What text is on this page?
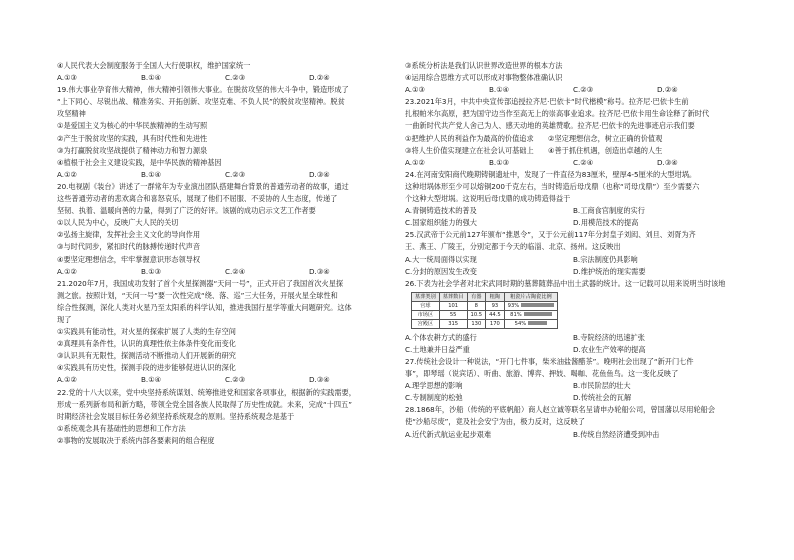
④人民代表大会制度服务于全国人大行使职权，维护国家统一
A.①③	B.①④	C.②③	D.②④
19.伟大事业孕育伟大精神，伟大精神引领伟大事业。在脱贫攻坚的伟大斗争中，锻造形成了
“上下同心、尽锐出战、精准务实、开拓创新、攻坚克难、不负人民”的脱贫攻坚精神。脱贫
攻坚精神
①是爱国主义为核心的中华民族精神的生动写照
②产生于脱贫攻坚的实践，具有时代性和先进性
③为打赢脱贫攻坚战提供了精神动力和智力源泉
④植根于社会主义建设实践，是中华民族的精神基因
A.①②	B.①④	C.②③	D.③④
20.电视剧《装台》讲述了一群常年为专业演出团队搭建舞台背景的普通劳动者的故事，通过
这些普通劳动者的悲欢离合和喜怒哀乐，展现了他们不屈服、不妥协的人生态度，传递了
坚韧、执着、温暖向善的力量，得到了广泛的好评。该剧的成功启示文艺工作者要
①以人民为中心，反映广大人民的关切
②弘扬主旋律，发挥社会主义文化的导向作用
③与时代同步，紧扣时代的脉搏传递时代声音
④要坚定理想信念，牢牢掌握意识形态领导权
A.①②	B.①③	C.②④	D.③④
21.2020年7月，我国成功发射了首个火星探测器“天问一号”，正式开启了我国首次火星探
测之旅。按照计划，“天问一号”要一次性完成“绕、落、巡”三大任务，开展火星全球性和
综合性探测，深化人类对火星乃至太阳系的科学认知，推进我国行星学等重大问题研究。这体
现了
①实践具有能动性，对火星的探索扩展了人类的生存空间
②真理具有条件性，认识的真理性依主体条件变化而变化
③认识具有无限性，探测活动不断推动人们开展新的研究
④实践具有历史性，探测手段的进步能够促进认识的深化
A.①②	B.①④	C.②③	D.③④
22.党的十八大以来，党中央坚持系统谋划、统筹推进党和国家各项事业，根据新的实践需要，
形成一系列新布局和新方略，带领全党全国各族人民取得了历史性成就。未来，完成“十四五”
时期经济社会发展目标任务必须坚持系统观念的原则。坚持系统观念是基于
①系统观念具有基础性的思想和工作方法
②事物的发展取决于系统内部各要素间的组合程度
③系统分析法是我们认识世界改造世界的根本方法
④运用综合思维方式可以形成对事物整体准确认识
A.①③	B.①④	C.②③	D.②④
23.2021年3月，中共中央宣传部追授拉齐尼·巴依卡“时代楷模”称号。拉齐尼·巴依卡生前
扎根帕米尔高原，把为国守边当作至高无上的崇高事业追求。拉齐尼·巴依卡用生命诠释了新时代
一曲新时代共产党人舍己为人、感天动地的英雄赞歌。拉齐尼·巴依卡的先进事迹启示我们要
①把维护人民的利益作为最高的价值追求　　②坚定理想信念，树立正确的价值观
③将人生价值实现建立在社会认可基础上　　④善于抓住机遇，创造出卓越的人生
A.①②	B.①③	C.②④	D.③④
24.在河南安阳商代晚期铸铜遗址中，发现了一件直径为83厘米，壁厚4-5厘米的大型坩埚。
这种坩埚体形至少可以熔铜200千克左右，当时铸造后母戊鼎（也称“司母戊鼎”）至少需要六
个这种大型坩埚。这说明后母戊鼎的成功铸造得益于
A.青铜铸造技术的普及	B.工商食官制度的实行
C.国家组织能力的强大	D.用模范技术的提高
25.汉武帝于公元前127年颁布“推恩令”，又于公元前117年分封皇子刘闳、刘旦、刘胥为齐
王、燕王、广陵王，分别定都于今天的临淄、北京、扬州。这反映出
A.大一统局面得以实现	B.宗法制度仍具影响
C.分封的原因发生改变	D.维护统治的现实需要
26.下表为社会学者对北宋武同时期的墓葬随葬品中出土武器的统计。这一记载可以用来说明当时该地
墓葬类别	墓葬数目	有器	粗陶	粗瓷片占陶瓷比例
官球	101	8	93	93%
市场区	55	10.5	44.5	81%
宫殿区	315	130	170	54%
A.个体农耕方式的盛行	B.寺院经济的迅速扩张
C.土地兼并日益严重	D.农业生产效率的提高
27.传统社会设计一种说法，“开门七件事，柴米油盐酱醋茶”。晚明社会出现了“新开门七件
事”，即琴瑶（说宾话）、听曲、旅游、博弈、押妓、喝咖、花鱼鱼鸟。这一变化反映了
A.理学思想的影响	B.市民阶层的壮大
C.专制制度的松弛	D.传统社会的瓦解
28.1868年，沙船（传统的平底帆船）商人赵立诚等联名呈请申办轮船公司，曾国藩以尽用轮船会
使“沙船尽废”，竟及社会安宁为由，极力反对，这反映了
A.近代新式航运业起步艰难	B.传统自然经济遭受到冲击
